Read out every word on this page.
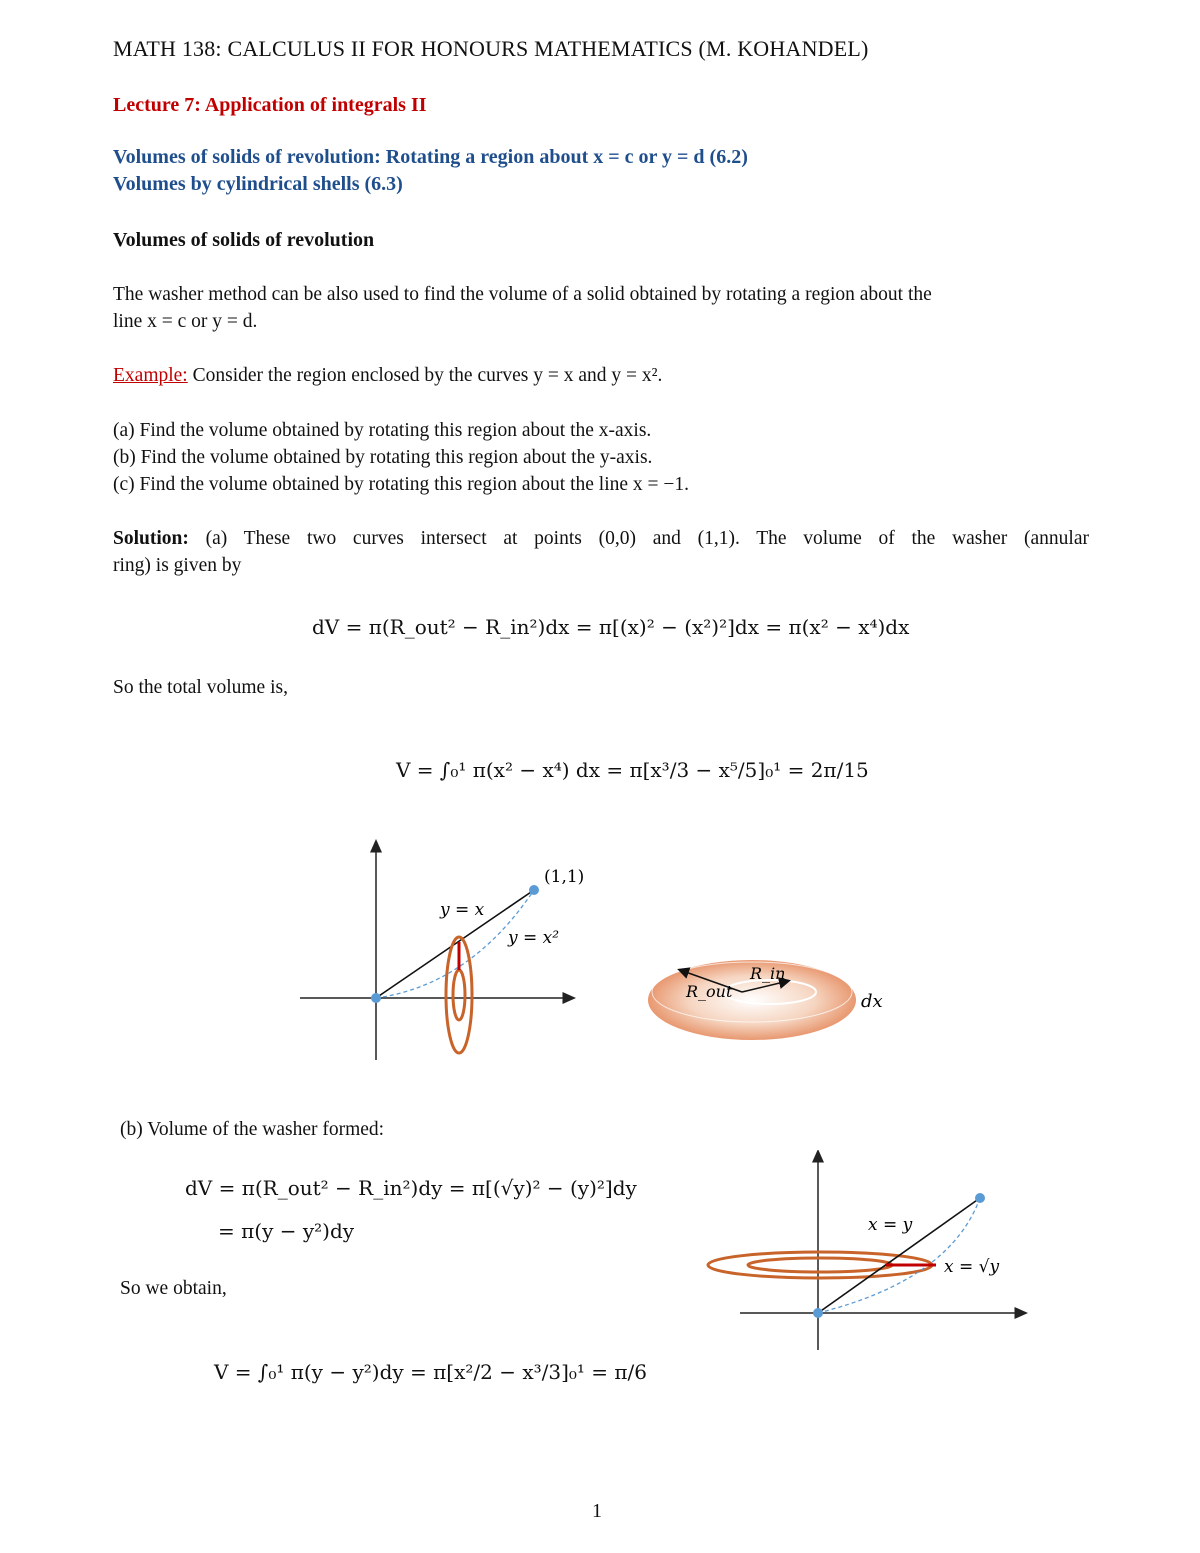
MATH 138: CALCULUS II FOR HONOURS MATHEMATICS (M. KOHANDEL)
Lecture 7: Application of integrals II
Volumes of solids of revolution: Rotating a region about x = c or y = d (6.2)
Volumes by cylindrical shells (6.3)
Volumes of solids of revolution
The washer method can be also used to find the volume of a solid obtained by rotating a region about the
line x = c or y = d.
Example: Consider the region enclosed by the curves y = x and y = x².
(a) Find the volume obtained by rotating this region about the x-axis.
(b) Find the volume obtained by rotating this region about the y-axis.
(c) Find the volume obtained by rotating this region about the line x = −1.
Solution: (a) These two curves intersect at points (0,0) and (1,1). The volume of the washer (annular
ring) is given by
dV = π(R_out² − R_in²)dx = π[(x)² − (x²)²]dx = π(x² − x⁴)dx
So the total volume is,
V = ∫₀¹ π(x² − x⁴) dx = π[x³/3 − x⁵/5]₀¹ = 2π/15
(1,1)
y = x
y = x²
R_in
R_out	dx
(b) Volume of the washer formed:
dV = π(R_out² − R_in²)dy = π[(√y)² − (y)²]dy
= π(y − y²)dy
So we obtain,
V = ∫₀¹ π(y − y²)dy = π[x²/2 − x³/3]₀¹ = π/6
x = y
x = √y
1
